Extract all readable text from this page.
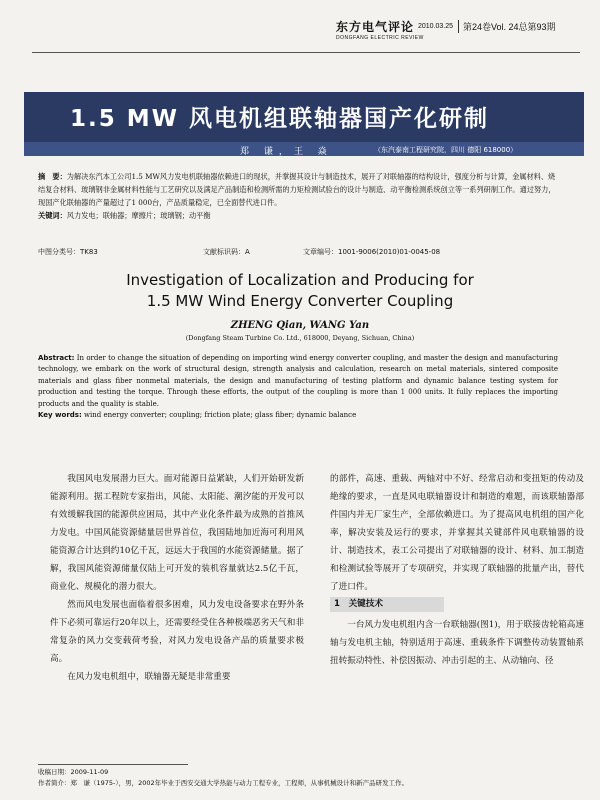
东方电气评论
DONGFANG ELECTRIC REVIEW
2010.03.25	第24卷Vol. 24总第93期
1.5 MW 风电机组联轴器国产化研制
郑 谦，王 焱	（东汽泰南工程研究院，四川 德阳 618000）
摘　要：为解决东汽本工公司1.5 MW风力发电机联轴器依赖进口的现状，并掌握其设计与制造技术，展开了对联轴器的结构设计，强度分析与计算，金属材料、烧结复合材料、玻璃钢非金属材料性能与工艺研究以及满足产品制造和检测所需的力矩检测试验台的设计与制造、动平衡检测系统创立等一系列研制工作。通过努力，现国产化联轴器的产量超过了1 000台，产品质量稳定，已全面替代进口件。
关键词：风力发电；联轴器；摩擦片；玻璃钢；动平衡
中图分类号：TK83	文献标识码：A	文章编号：1001-9006(2010)01-0045-08
Investigation of Localization and Producing for
1.5 MW Wind Energy Converter Coupling
ZHENG Qian, WANG Yan
(Dongfang Steam Turbine Co. Ltd., 618000, Deyang, Sichuan, China)
Abstract: In order to change the situation of depending on importing wind energy converter coupling, and master the design and manufacturing technology, we embark on the work of structural design, strength analysis and calculation, research on metal materials, sintered composite materials and glass fiber nonmetal materials, the design and manufacturing of testing platform and dynamic balance testing system for production and testing the torque. Through these efforts, the output of the coupling is more than 1 000 units. It fully replaces the importing products and the quality is stable.
Key words: wind energy converter; coupling; friction plate; glass fiber; dynamic balance

我国风电发展潜力巨大。面对能源日益紧缺，人们开始研发新能源利用。据工程院专家指出，风能、太阳能、潮汐能的开发可以有效缓解我国的能源供应困局，其中产业化条件最为成熟的首推风力发电。中国风能资源储量居世界首位，我国陆地加近海可利用风能资源合计达到约10亿千瓦，远远大于我国的水能资源储量。据了解，我国风能资源储量仅陆上可开发的装机容量就达2.5亿千瓦，商业化、规模化的潜力很大。

然而风电发展也面临着很多困难，风力发电设备要求在野外条件下必须可靠运行20年以上，还需要经受住各种极端恶劣天气和非常复杂的风力交变载荷考验，对风力发电设备产品的质量要求极高。

在风力发电机组中，联轴器无疑是非常重要

的部件，高速、重载、两轴对中不好、经常启动和变扭矩的传动及絶缘的要求，一直是风电联轴器设计和制造的难题，而该联轴器部件国内并无厂家生产，全部依赖进口。为了提高风电机组的国产化率，解决安装及运行的要求，并掌握其关键部件风电联轴器的设计、制造技术，表工公司提出了对联轴器的设计、材料、加工制造和检测试验等展开了专项研究，并实现了联轴器的批量产出，替代了进口件。

1　关键技术

一台风力发电机组内含一台联轴器(图1)，用于联接齿轮箱高速轴与发电机主轴，特别适用于高速、重载条件下调整传动装置轴系扭转振动特性、补偿因振动、冲击引起的主、从动轴向、径

收稿日期：2009-11-09
作者简介：郑　谦（1975-），男，2002年毕业于西安交通大学热能与动力工程专业，工程师，从事机械设计和新产品研发工作。
